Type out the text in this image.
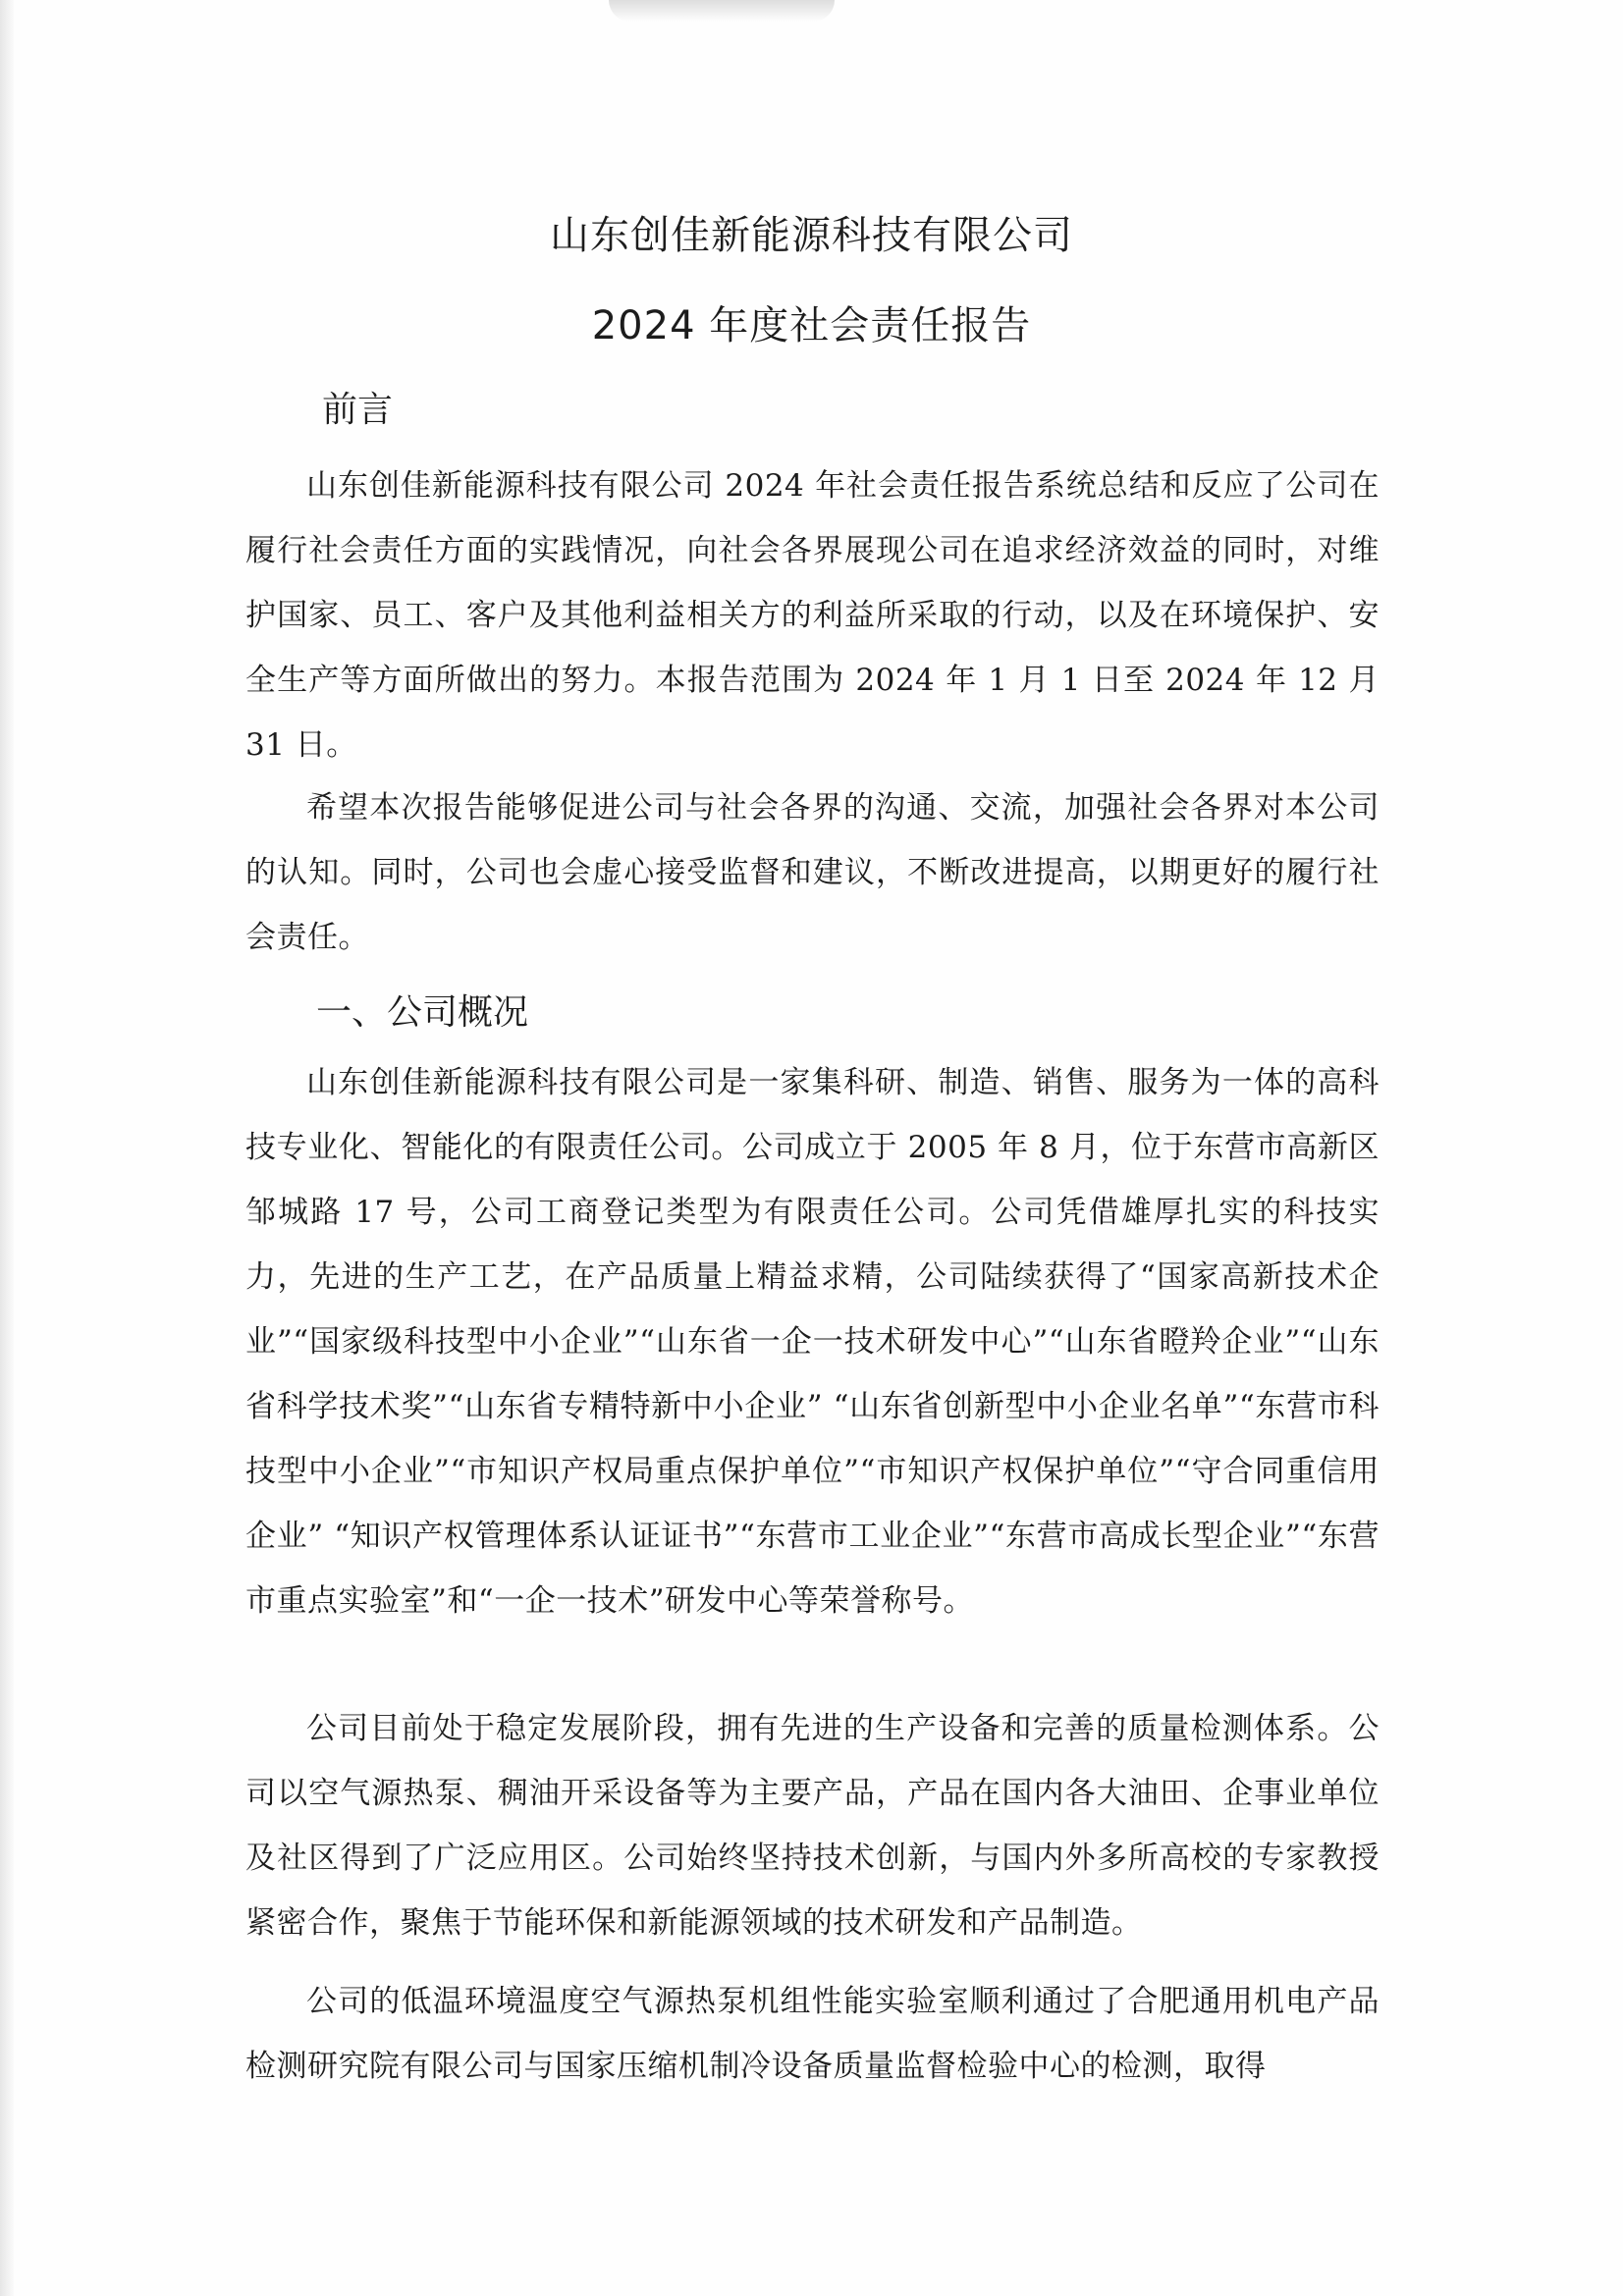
山东创佳新能源科技有限公司
2024 年度社会责任报告
前言

山东创佳新能源科技有限公司 2024 年社会责任报告系统总结和反应了公司在履行社会责任方面的实践情况，向社会各界展现公司在追求经济效益的同时，对维护国家、员工、客户及其他利益相关方的利益所采取的行动，以及在环境保护、安全生产等方面所做出的努力。本报告范围为 2024 年 1 月 1 日至 2024 年 12 月 31 日。

希望本次报告能够促进公司与社会各界的沟通、交流，加强社会各界对本公司的认知。同时，公司也会虚心接受监督和建议，不断改进提高，以期更好的履行社会责任。

一、公司概况

山东创佳新能源科技有限公司是一家集科研、制造、销售、服务为一体的高科技专业化、智能化的有限责任公司。公司成立于 2005 年 8 月，位于东营市高新区邹城路 17 号，公司工商登记类型为有限责任公司。公司凭借雄厚扎实的科技实力，先进的生产工艺，在产品质量上精益求精，公司陆续获得了“国家高新技术企业”“国家级科技型中小企业”“山东省一企一技术研发中心”“山东省瞪羚企业”“山东省科学技术奖”“山东省专精特新中小企业” “山东省创新型中小企业名单”“东营市科技型中小企业”“市知识产权局重点保护单位”“市知识产权保护单位”“守合同重信用企业” “知识产权管理体系认证证书”“东营市工业企业”“东营市高成长型企业”“东营市重点实验室”和“一企一技术”研发中心等荣誉称号。

公司目前处于稳定发展阶段，拥有先进的生产设备和完善的质量检测体系。公司以空气源热泵、稠油开采设备等为主要产品，产品在国内各大油田、企事业单位及社区得到了广泛应用区。公司始终坚持技术创新，与国内外多所高校的专家教授紧密合作，聚焦于节能环保和新能源领域的技术研发和产品制造。

公司的低温环境温度空气源热泵机组性能实验室顺利通过了合肥通用机电产品检测研究院有限公司与国家压缩机制冷设备质量监督检验中心的检测，取得
